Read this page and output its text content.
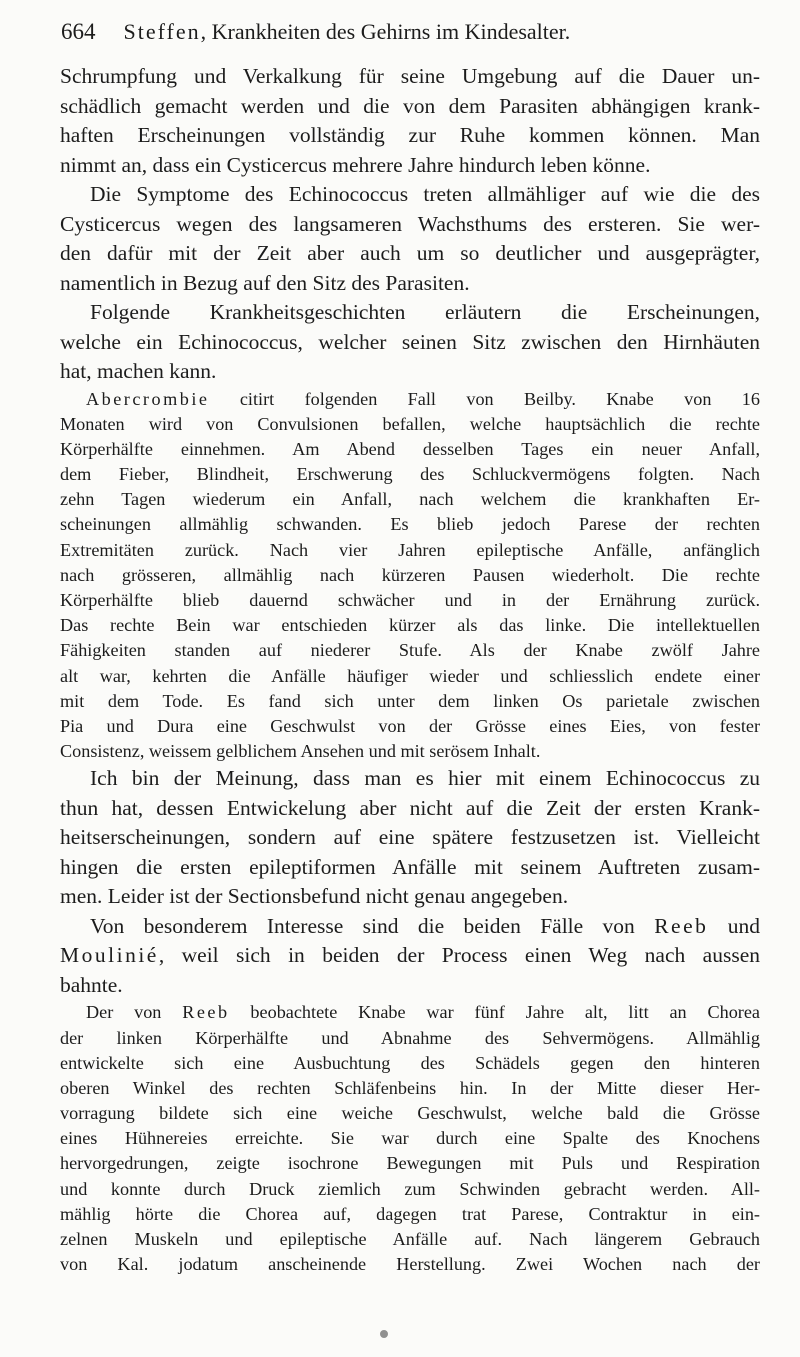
664 Steffen, Krankheiten des Gehirns im Kindesalter.
Schrumpfung und Verkalkung für seine Umgebung auf die Dauer un-
schädlich gemacht werden und die von dem Parasiten abhängigen krank-
haften Erscheinungen vollständig zur Ruhe kommen können. Man
nimmt an, dass ein Cysticercus mehrere Jahre hindurch leben könne.
Die Symptome des Echinococcus treten allmähliger auf wie die des
Cysticercus wegen des langsameren Wachsthums des ersteren. Sie wer-
den dafür mit der Zeit aber auch um so deutlicher und ausgeprägter,
namentlich in Bezug auf den Sitz des Parasiten.
Folgende Krankheitsgeschichten erläutern die Erscheinungen,
welche ein Echinococcus, welcher seinen Sitz zwischen den Hirnhäuten
hat, machen kann.
Abercrombie citirt folgenden Fall von Beilby. Knabe von 16
Monaten wird von Convulsionen befallen, welche hauptsächlich die rechte
Körperhälfte einnehmen. Am Abend desselben Tages ein neuer Anfall,
dem Fieber, Blindheit, Erschwerung des Schluckvermögens folgten. Nach
zehn Tagen wiederum ein Anfall, nach welchem die krankhaften Er-
scheinungen allmählig schwanden. Es blieb jedoch Parese der rechten
Extremitäten zurück. Nach vier Jahren epileptische Anfälle, anfänglich
nach grösseren, allmählig nach kürzeren Pausen wiederholt. Die rechte
Körperhälfte blieb dauernd schwächer und in der Ernährung zurück.
Das rechte Bein war entschieden kürzer als das linke. Die intellektuellen
Fähigkeiten standen auf niederer Stufe. Als der Knabe zwölf Jahre
alt war, kehrten die Anfälle häufiger wieder und schliesslich endete einer
mit dem Tode. Es fand sich unter dem linken Os parietale zwischen
Pia und Dura eine Geschwulst von der Grösse eines Eies, von fester
Consistenz, weissem gelblichem Ansehen und mit serösem Inhalt.
Ich bin der Meinung, dass man es hier mit einem Echinococcus zu
thun hat, dessen Entwickelung aber nicht auf die Zeit der ersten Krank-
heitserscheinungen, sondern auf eine spätere festzusetzen ist. Vielleicht
hingen die ersten epileptiformen Anfälle mit seinem Auftreten zusam-
men. Leider ist der Sectionsbefund nicht genau angegeben.
Von besonderem Interesse sind die beiden Fälle von Reeb und
Moulinié, weil sich in beiden der Process einen Weg nach aussen
bahnte.
Der von Reeb beobachtete Knabe war fünf Jahre alt, litt an Chorea
der linken Körperhälfte und Abnahme des Sehvermögens. Allmählig
entwickelte sich eine Ausbuchtung des Schädels gegen den hinteren
oberen Winkel des rechten Schläfenbeins hin. In der Mitte dieser Her-
vorragung bildete sich eine weiche Geschwulst, welche bald die Grösse
eines Hühnereies erreichte. Sie war durch eine Spalte des Knochens
hervorgedrungen, zeigte isochrone Bewegungen mit Puls und Respiration
und konnte durch Druck ziemlich zum Schwinden gebracht werden. All-
mählig hörte die Chorea auf, dagegen trat Parese, Contraktur in ein-
zelnen Muskeln und epileptische Anfälle auf. Nach längerem Gebrauch
von Kal. jodatum anscheinende Herstellung. Zwei Wochen nach der
